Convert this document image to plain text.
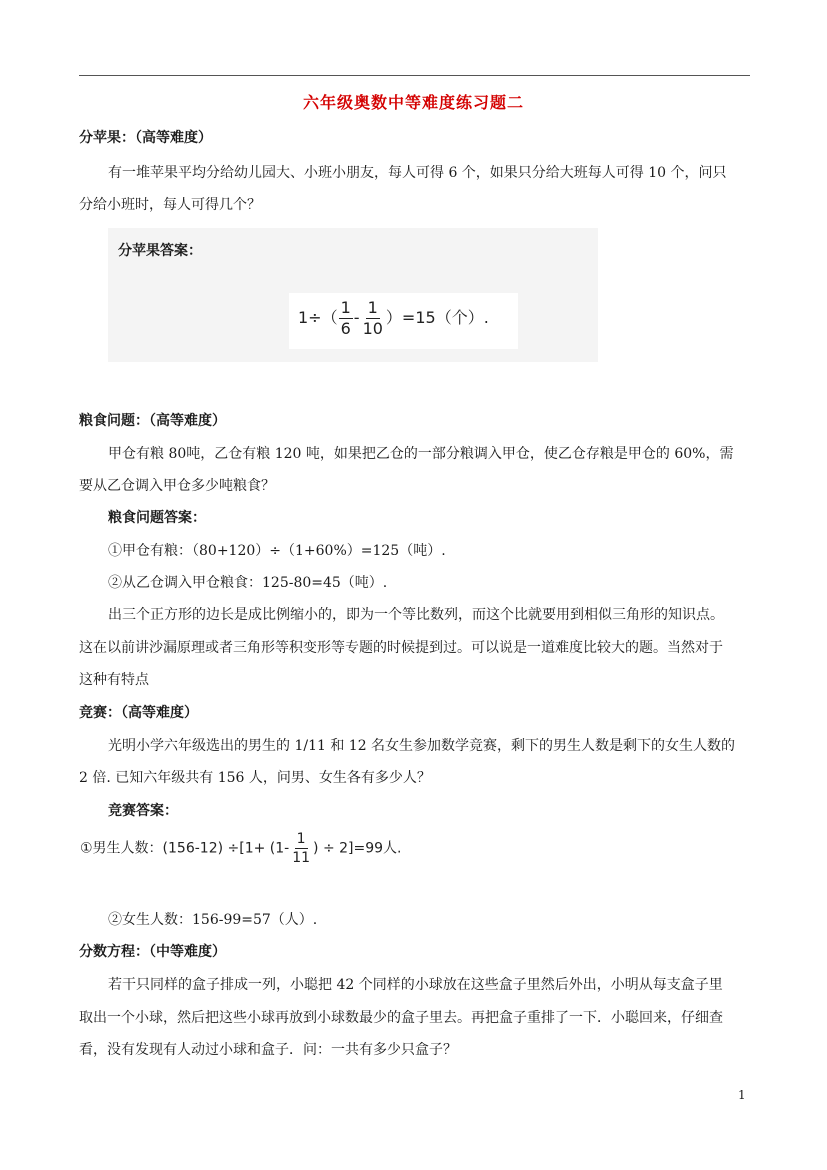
六年级奥数中等难度练习题二
分苹果：（高等难度）
有一堆苹果平均分给幼儿园大、小班小朋友，每人可得 6 个，如果只分给大班每人可得 10 个，问只
分给小班时，每人可得几个？
分苹果答案：
$1\div( \frac{1}{6} - \frac{1}{10} )=15$（个）.
粮食问题：（高等难度）
甲仓有粮 80吨，乙仓有粮 120 吨，如果把乙仓的一部分粮调入甲仓，使乙仓存粮是甲仓的 60%，需
要从乙仓调入甲仓多少吨粮食？
粮食问题答案：
①甲仓有粮：（80+120）÷（1+60%）=125（吨）.
②从乙仓调入甲仓粮食：125-80=45（吨）.
出三个正方形的边长是成比例缩小的，即为一个等比数列，而这个比就要用到相似三角形的知识点。
这在以前讲沙漏原理或者三角形等积变形等专题的时候提到过。可以说是一道难度比较大的题。当然对于
这种有特点
竞赛：（高等难度）
光明小学六年级选出的男生的 1/11 和 12 名女生参加数学竞赛，剩下的男生人数是剩下的女生人数的
2 倍. 已知六年级共有 156 人，问男、女生各有多少人？
竞赛答案：
①男生人数：$(156-12) \div[1+ (1- \frac{1}{11}$ ) ÷ 2]=99人.
②女生人数：156-99=57（人）.
分数方程：（中等难度）
若干只同样的盒子排成一列，小聪把 42 个同样的小球放在这些盒子里然后外出，小明从每支盒子里
取出一个小球，然后把这些小球再放到小球数最少的盒子里去。再把盒子重排了一下．小聪回来，仔细查
看，没有发现有人动过小球和盒子．问：一共有多少只盒子？
1
